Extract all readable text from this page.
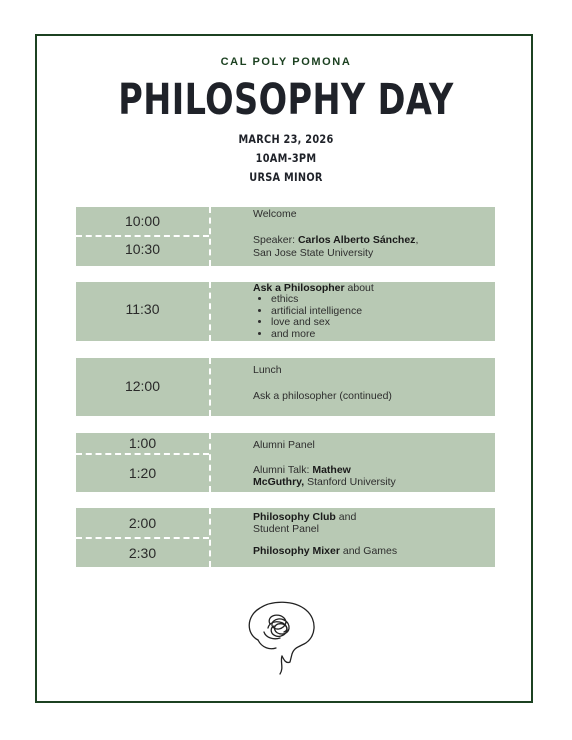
CAL POLY POMONA
PHILOSOPHY DAY
MARCH 23, 2026
10AM-3PM
URSA MINOR
10:00
10:30
Welcome
Speaker: Carlos Alberto Sánchez,
San Jose State University
11:30
Ask a Philosopher about
• ethics
• artificial intelligence
• love and sex
• and more
12:00
Lunch
Ask a philosopher (continued)
1:00
1:20
Alumni Panel
Alumni Talk: Mathew
McGuthry, Stanford University
2:00
2:30
Philosophy Club and
Student Panel
Philosophy Mixer and Games
